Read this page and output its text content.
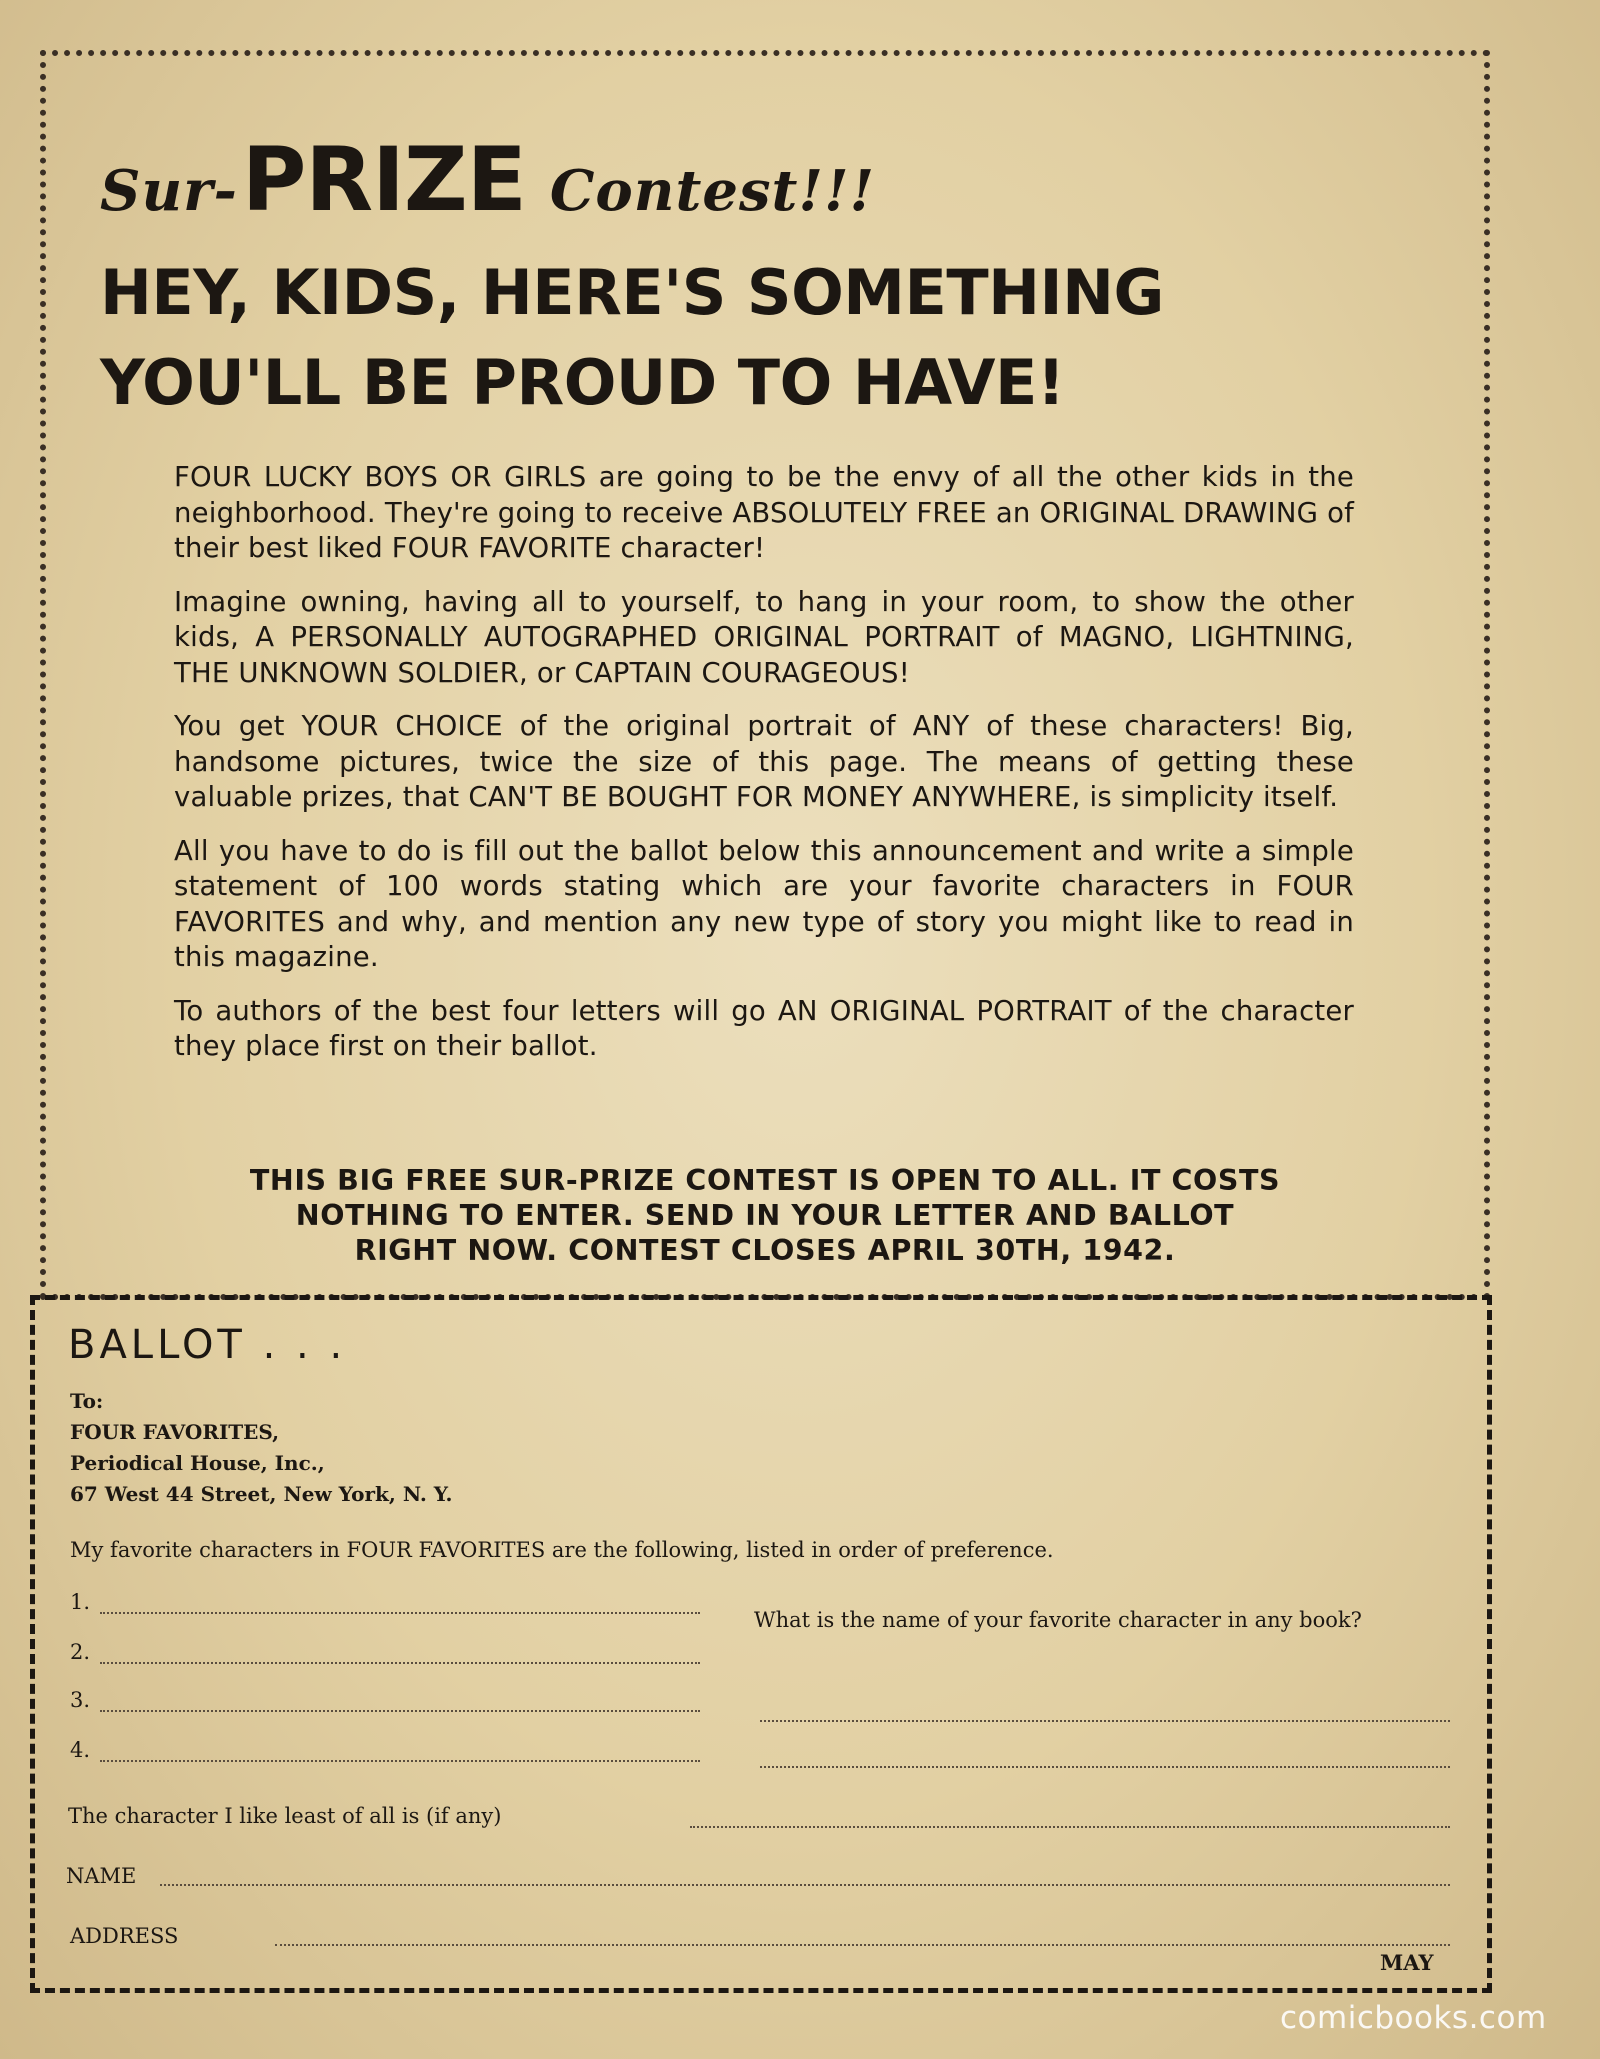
Sur-PRIZE Contest!!!
HEY, KIDS, HERE'S SOMETHING
YOU'LL BE PROUD TO HAVE!

FOUR LUCKY BOYS OR GIRLS are going to be the envy of all the other kids in the neighborhood. They're going to receive ABSOLUTELY FREE an ORIGINAL DRAWING of their best liked FOUR FAVORITE character!

Imagine owning, having all to yourself, to hang in your room, to show the other kids, A PERSONALLY AUTOGRAPHED ORIGINAL PORTRAIT of MAGNO, LIGHTNING, THE UNKNOWN SOLDIER, or CAPTAIN COURAGEOUS!

You get YOUR CHOICE of the original portrait of ANY of these characters! Big, handsome pictures, twice the size of this page. The means of getting these valuable prizes, that CAN'T BE BOUGHT FOR MONEY ANYWHERE, is simplicity itself.

All you have to do is fill out the ballot below this announcement and write a simple statement of 100 words stating which are your favorite characters in FOUR FAVORITES and why, and mention any new type of story you might like to read in this magazine.

To authors of the best four letters will go AN ORIGINAL PORTRAIT of the character they place first on their ballot.

THIS BIG FREE SUR-PRIZE CONTEST IS OPEN TO ALL. IT COSTS
NOTHING TO ENTER. SEND IN YOUR LETTER AND BALLOT
RIGHT NOW. CONTEST CLOSES APRIL 30TH, 1942.

BALLOT . . .
To:
FOUR FAVORITES,
Periodical House, Inc.,
67 West 44 Street, New York, N. Y.
My favorite characters in FOUR FAVORITES are the following, listed in order of preference.
1.
2.
3.
4.
What is the name of your favorite character in any book?
The character I like least of all is (if any)
NAME
ADDRESS
MAY
comicbooks.com
